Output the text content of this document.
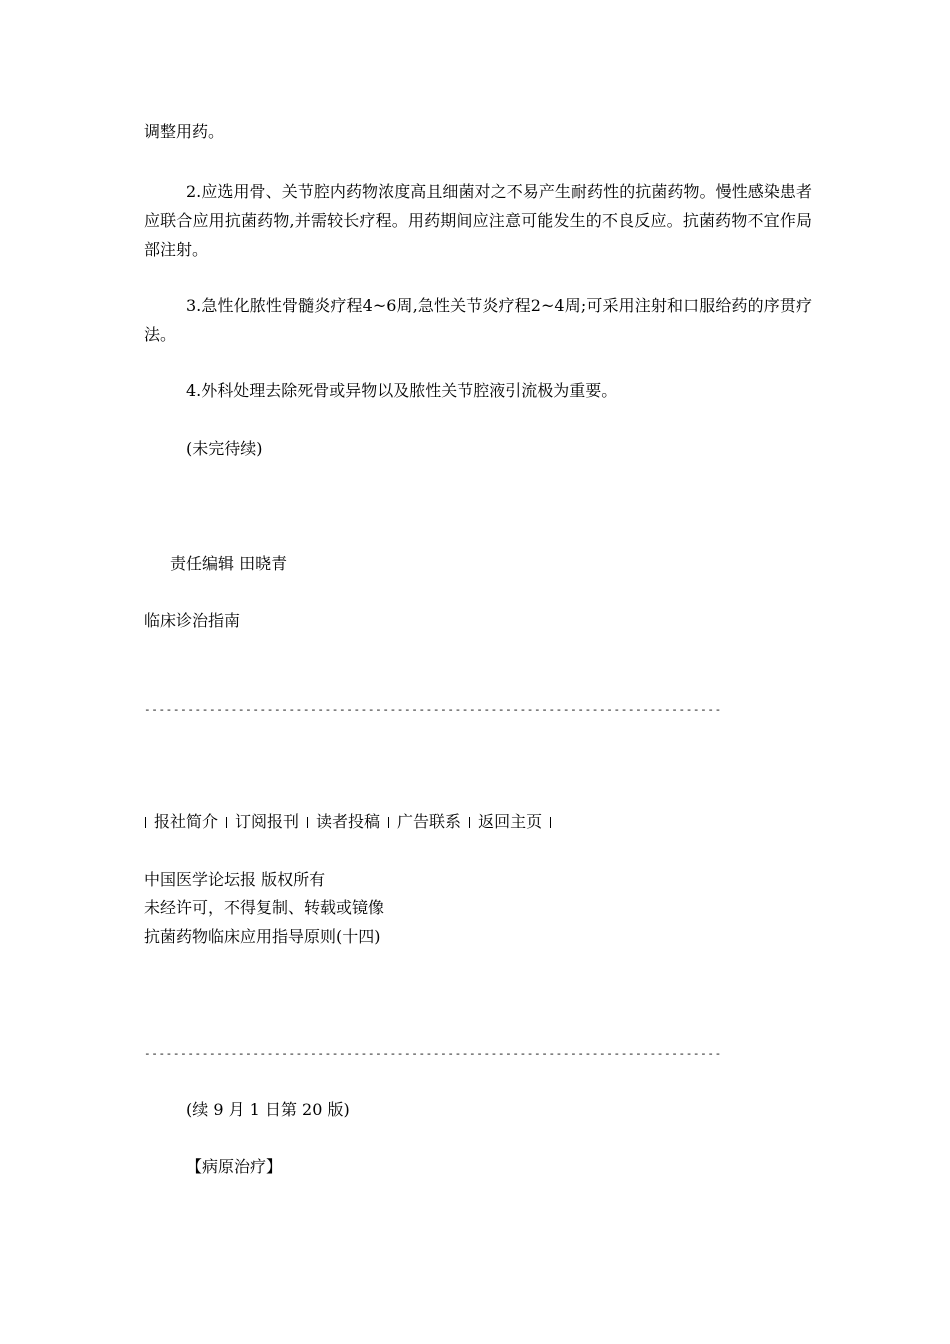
调整用药。
2.应选用骨、关节腔内药物浓度高且细菌对之不易产生耐药性的抗菌药物。慢性感染患者应联合应用抗菌药物,并需较长疗程。用药期间应注意可能发生的不良反应。抗菌药物不宜作局部注射。
3.急性化脓性骨髓炎疗程4~6周,急性关节炎疗程2~4周;可采用注射和口服给药的序贯疗法。
4.外科处理去除死骨或异物以及脓性关节腔液引流极为重要。
(未完待续)
责任编辑 田晓青
临床诊治指南
--------------------------------------------------------------------------------
报社简介 订阅报刊 读者投稿 广告联系 返回主页
中国医学论坛报 版权所有
未经许可，不得复制、转载或镜像
抗菌药物临床应用指导原则(十四)
--------------------------------------------------------------------------------
(续 9 月 1 日第 20 版)
【病原治疗】
